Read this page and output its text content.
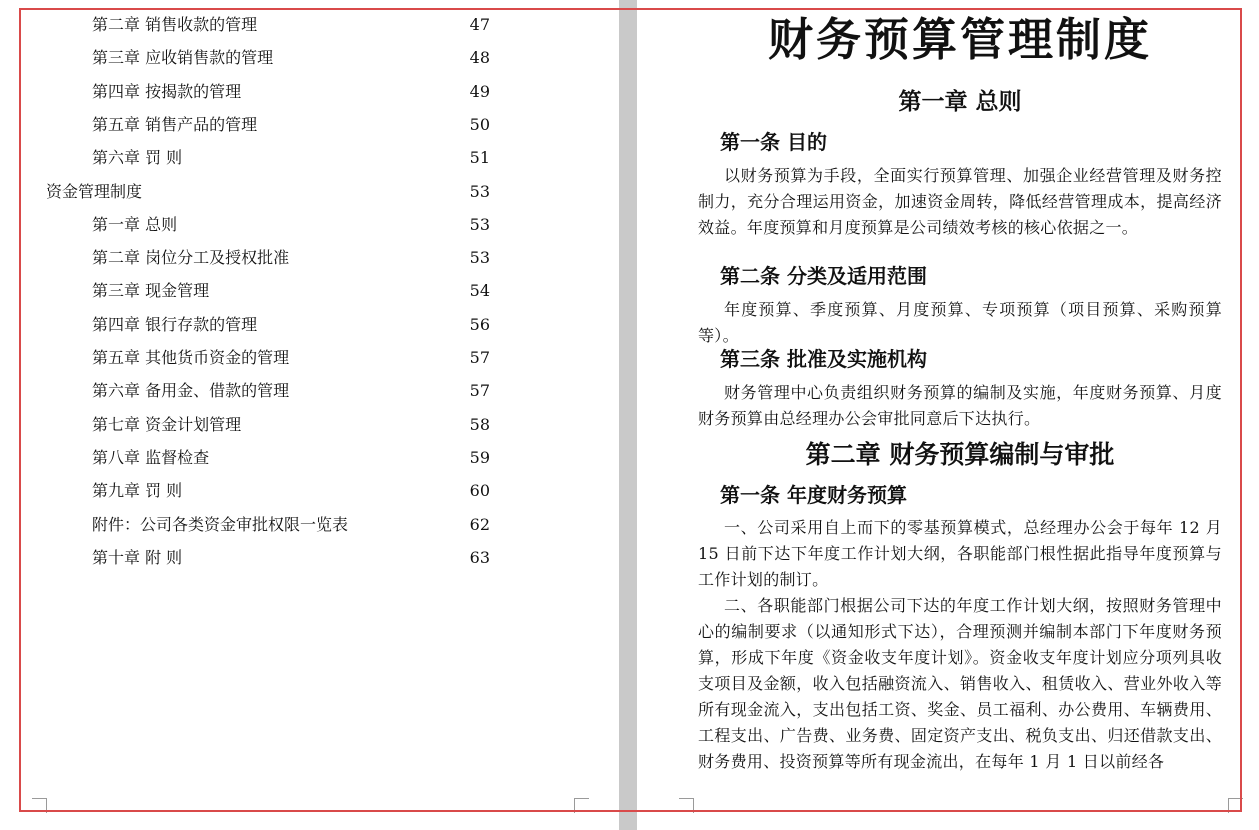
第二章 销售收款的管理	47
第三章 应收销售款的管理	48
第四章 按揭款的管理	49
第五章 销售产品的管理	50
第六章 罚 则	51
资金管理制度	53
第一章 总则	53
第二章 岗位分工及授权批准	53
第三章 现金管理	54
第四章 银行存款的管理	56
第五章 其他货币资金的管理	57
第六章 备用金、借款的管理	57
第七章 资金计划管理	58
第八章 监督检查	59
第九章 罚 则	60
附件：公司各类资金审批权限一览表	62
第十章 附 则	63
财务预算管理制度
第一章 总则
第一条 目的
以财务预算为手段，全面实行预算管理、加强企业经营管理及财务控制力，充分合理运用资金，加速资金周转，降低经营管理成本，提高经济效益。年度预算和月度预算是公司绩效考核的核心依据之一。
第二条 分类及适用范围
年度预算、季度预算、月度预算、专项预算（项目预算、采购预算等）。
第三条 批准及实施机构
财务管理中心负责组织财务预算的编制及实施，年度财务预算、月度财务预算由总经理办公会审批同意后下达执行。
第二章 财务预算编制与审批
第一条 年度财务预算
一、公司采用自上而下的零基预算模式，总经理办公会于每年 12 月 15 日前下达下年度工作计划大纲，各职能部门根性据此指导年度预算与工作计划的制订。
二、各职能部门根据公司下达的年度工作计划大纲，按照财务管理中心的编制要求（以通知形式下达），合理预测并编制本部门下年度财务预算，形成下年度《资金收支年度计划》。资金收支年度计划应分项列具收支项目及金额，收入包括融资流入、销售收入、租赁收入、营业外收入等所有现金流入，支出包括工资、奖金、员工福利、办公费用、车辆费用、工程支出、广告费、业务费、固定资产支出、税负支出、归还借款支出、财务费用、投资预算等所有现金流出，在每年 1 月 1 日以前经各
